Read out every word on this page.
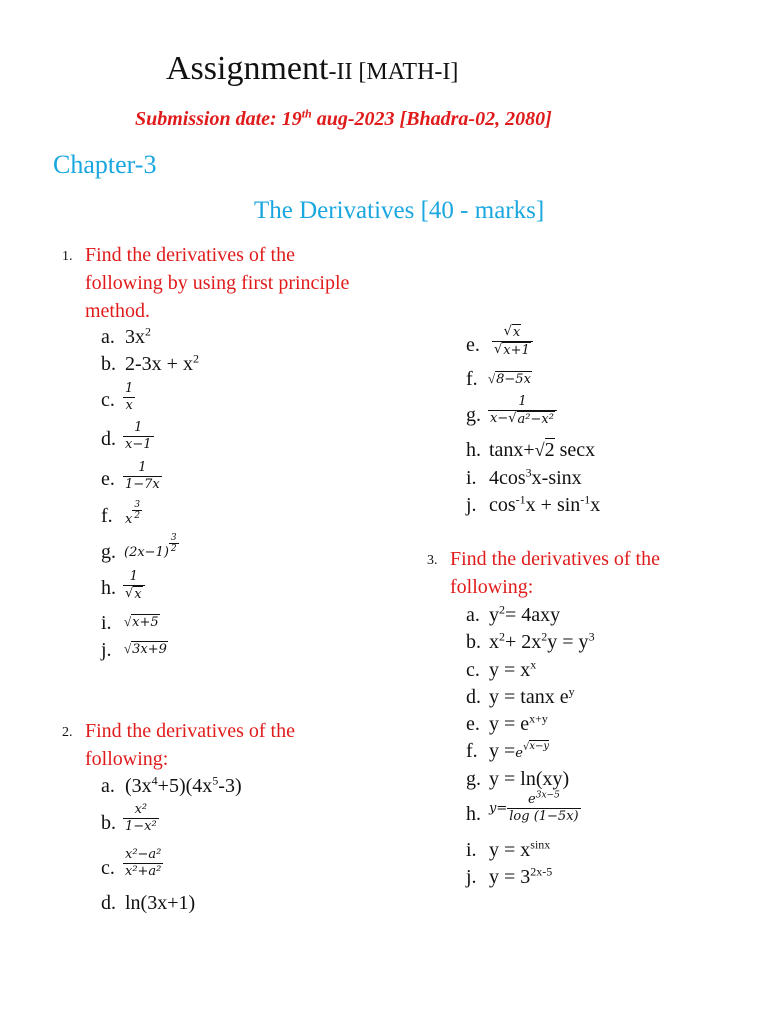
Assignment-II [MATH-I]
Submission date: 19th aug-2023 [Bhadra-02, 2080]
Chapter-3
The Derivatives [40 - marks]
1. Find the derivatives of the
following by using first principle
method.
a. $3x^2$
b. $2-3x + x^2$
c. $\frac{1}{x}$
d. $\frac{1}{x-1}$
e. $\frac{1}{1-7x}$
f. x $\frac{3}{2}$
g. $(2x-1) \frac{3}{2}$
h. $\frac{1}{√ x}$
i. √ x+5
j. √ 3x+9
e. $\frac{√ x}{√ x+1}$
f. √ 8−5x
g. $\frac{1}{\text{x− √ a²−x²}}$
h. tanx+√2 secx
i. $4\cos^3x$-sinx
j. $\cos^{-1}x + \sin^{-1}x$
2. Find the derivatives of the
following:
a. $(3x^4+5)(4x^5-3)$
b. $\frac{\text{x²}}{\text{1−x²}}$
c. $\frac{\text{x²−a²}}{\text{x²+a²}}$
d. ln(3x+1)
3. Find the derivatives of the
following:
a. $y^2= 4axy$
b. $x^2+ 2x^2y = y^3$
c. $y = x^x$
d. y = tanx $e^y$
e. $y = e^{x+y}$
f. $y =e^{√x-y}$
g. y = ln(xy)
h. $y= \frac{e^{3x-5}}{\log (1-5x)}$
i. $y = x^{sinx}$
j. $y = 3^{2x-5}$
